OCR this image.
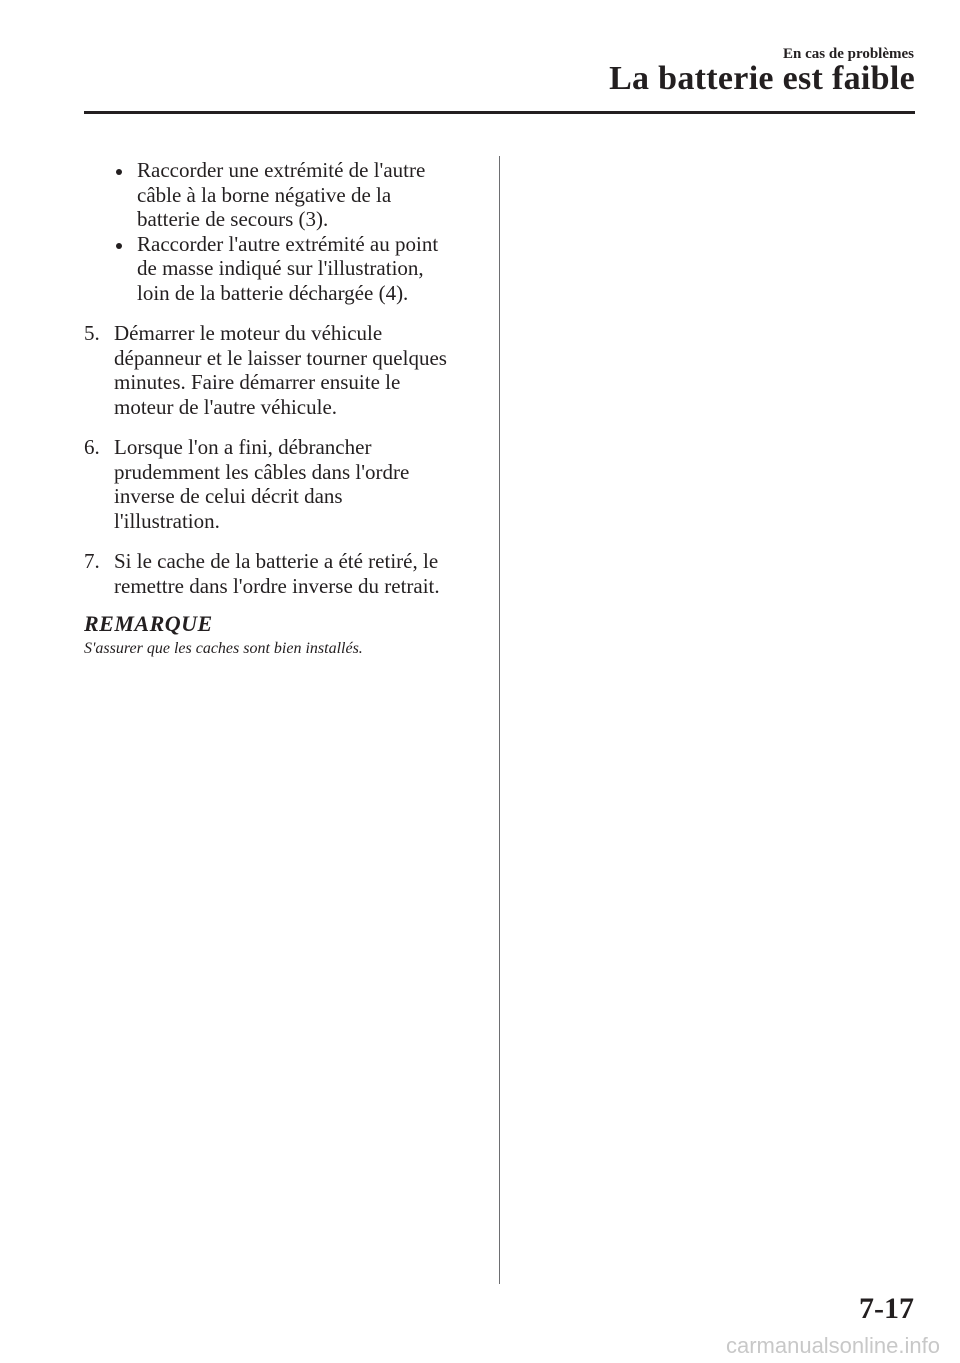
En cas de problèmes
La batterie est faible
Raccorder une extrémité de l'autre
câble à la borne négative de la
batterie de secours (3).
Raccorder l'autre extrémité au point
de masse indiqué sur l'illustration,
loin de la batterie déchargée (4).
5. Démarrer le moteur du véhicule
dépanneur et le laisser tourner quelques
minutes. Faire démarrer ensuite le
moteur de l'autre véhicule.
6. Lorsque l'on a fini, débrancher
prudemment les câbles dans l'ordre
inverse de celui décrit dans
l'illustration.
7. Si le cache de la batterie a été retiré, le
remettre dans l'ordre inverse du retrait.
REMARQUE
S'assurer que les caches sont bien installés.
7-17
carmanualsonline.info
